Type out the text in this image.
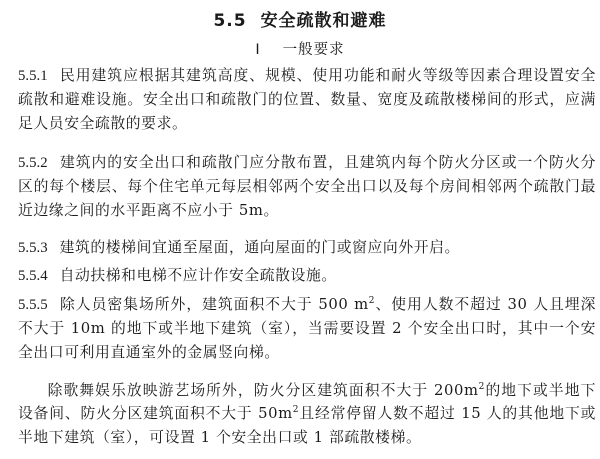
5.5 安全疏散和避难
Ⅰ 一般要求
5.5.1 民用建筑应根据其建筑高度、规模、使用功能和耐火等级等因素合理设置安全疏散和避难设施。安全出口和疏散门的位置、数量、宽度及疏散楼梯间的形式，应满足人员安全疏散的要求。
5.5.2 建筑内的安全出口和疏散门应分散布置，且建筑内每个防火分区或一个防火分区的每个楼层、每个住宅单元每层相邻两个安全出口以及每个房间相邻两个疏散门最近边缘之间的水平距离不应小于 5m。
5.5.3 建筑的楼梯间宜通至屋面，通向屋面的门或窗应向外开启。
5.5.4 自动扶梯和电梯不应计作安全疏散设施。
5.5.5 除人员密集场所外，建筑面积不大于 500 $m^2$、使用人数不超过 30 人且埋深不大于 10m 的地下或半地下建筑（室），当需要设置 2 个安全出口时，其中一个安全出口可利用直通室外的金属竖向梯。
除歌舞娱乐放映游艺场所外，防火分区建筑面积不大于 $200m^2$的地下或半地下设备间、防火分区建筑面积不大于 $50m^2$且经常停留人数不超过 15 人的其他地下或半地下建筑（室），可设置 1 个安全出口或 1 部疏散楼梯。
